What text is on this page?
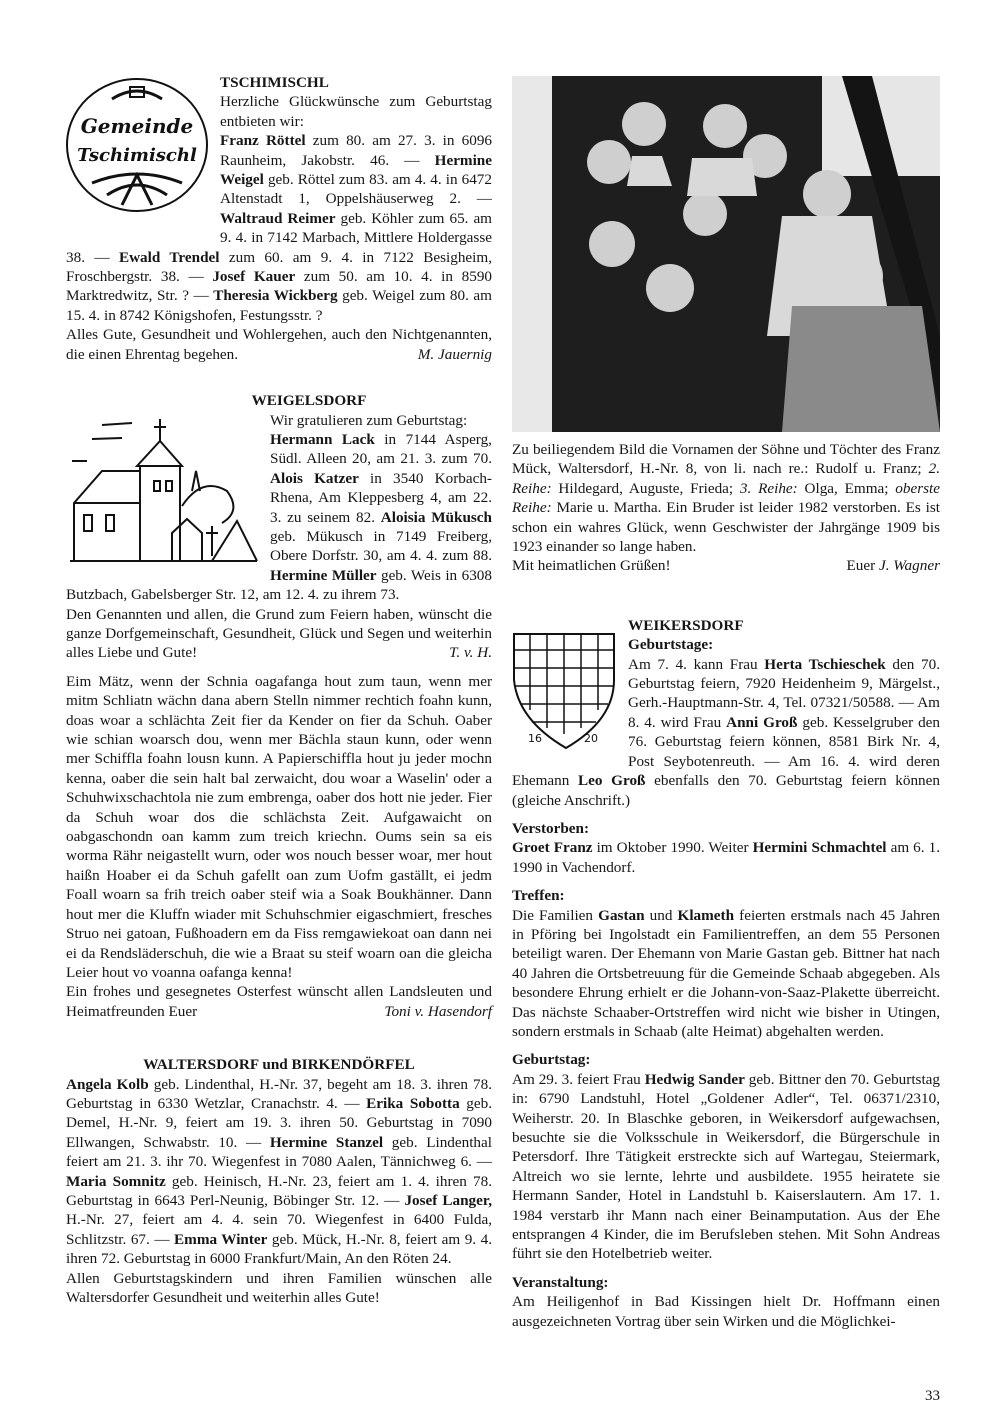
Gemeinde
Tschimischl

TSCHIMISCHL

Herzliche Glückwünsche zum Geburtstag entbieten wir:

Franz Röttel zum 80. am 27. 3. in 6096 Raunheim, Jakobstr. 46. — Hermine Weigel geb. Röttel zum 83. am 4. 4. in 6472 Altenstadt 1, Oppelshäuserweg 2. — Waltraud Reimer geb. Köhler zum 65. am 9. 4. in 7142 Marbach, Mittlere Holdergasse 38. — Ewald Trendel zum 60. am 9. 4. in 7122 Besigheim, Froschbergstr. 38. — Josef Kauer zum 50. am 10. 4. in 8590 Marktredwitz, Str. ? — Theresia Wickberg geb. Weigel zum 80. am 15. 4. in 8742 Königshofen, Festungsstr. ?

Alles Gute, Gesundheit und Wohlergehen, auch den Nichtgenannten, die einen Ehrentag begehen.	M. Jauernig

WEIGELSDORF

Wir gratulieren zum Geburtstag:

Hermann Lack in 7144 Asperg, Südl. Alleen 20, am 21. 3. zum 70. Alois Katzer in 3540 Korbach-Rhena, Am Kleppesberg 4, am 22. 3. zu seinem 82. Aloisia Mükusch geb. Mükusch in 7149 Freiberg, Obere Dorfstr. 30, am 4. 4. zum 88. Hermine Müller geb. Weis in 6308 Butzbach, Gabelsberger Str. 12, am 12. 4. zu ihrem 73.

Den Genannten und allen, die Grund zum Feiern haben, wünscht die ganze Dorfgemeinschaft, Gesundheit, Glück und Segen und weiterhin alles Liebe und Gute!	T. v. H.

Eim Mätz, wenn der Schnia oagafanga hout zum taun, wenn mer mitm Schliatn wächn dana abern Stelln nimmer rechtich foahn kunn, doas woar a schlächta Zeit fier da Kender on fier da Schuh. Oaber wie schian woarsch dou, wenn mer Bächla staun kunn, oder wenn mer Schiffla foahn lousn kunn. A Papierschiffla hout ju jeder mochn kenna, oaber die sein halt bal zerwaicht, dou woar a Waselin' oder a Schuhwixschachtola nie zum embrenga, oaber dos hott nie jeder. Fier da Schuh woar dos die schlächsta Zeit. Aufgawaicht on oabgaschondn oan kamm zum treich kriechn. Oums sein sa eis worma Rähr neigastellt wurn, oder wos nouch besser woar, mer hout haißn Hoaber ei da Schuh gafellt oan zum Uofm gaställt, ei jedm Foall woarn sa frih treich oaber steif wia a Soak Boukhänner. Dann hout mer die Kluffn wiader mit Schuhschmier eigaschmiert, fresches Struo nei gatoan, Fußhoadern em da Fiss remgawiekoat oan dann nei ei da Rendsläderschuh, die wie a Braat su steif woarn oan die gleicha Leier hout vo voanna oafanga kenna!

Ein frohes und gesegnetes Osterfest wünscht allen Landsleuten und Heimatfreunden Euer	Toni v. Hasendorf

WALTERSDORF und BIRKENDÖRFEL

Angela Kolb geb. Lindenthal, H.-Nr. 37, begeht am 18. 3. ihren 78. Geburtstag in 6330 Wetzlar, Cranachstr. 4. — Erika Sobotta geb. Demel, H.-Nr. 9, feiert am 19. 3. ihren 50. Geburtstag in 7090 Ellwangen, Schwabstr. 10. — Hermine Stanzel geb. Lindenthal feiert am 21. 3. ihr 70. Wiegenfest in 7080 Aalen, Tännichweg 6. — Maria Somnitz geb. Heinisch, H.-Nr. 23, feiert am 1. 4. ihren 78. Geburtstag in 6643 Perl-Neunig, Böbinger Str. 12. — Josef Langer, H.-Nr. 27, feiert am 4. 4. sein 70. Wiegenfest in 6400 Fulda, Schlitzstr. 67. — Emma Winter geb. Mück, H.-Nr. 8, feiert am 9. 4. ihren 72. Geburtstag in 6000 Frankfurt/Main, An den Röten 24.

Allen Geburtstagskindern und ihren Familien wünschen alle Waltersdorfer Gesundheit und weiterhin alles Gute!

Zu beiliegendem Bild die Vornamen der Söhne und Töchter des Franz Mück, Waltersdorf, H.-Nr. 8, von li. nach re.: Rudolf u. Franz; 2. Reihe: Hildegard, Auguste, Frieda; 3. Reihe: Olga, Emma; oberste Reihe: Marie u. Martha. Ein Bruder ist leider 1982 verstorben. Es ist schon ein wahres Glück, wenn Geschwister der Jahrgänge 1909 bis 1923 einander so lange haben.

Mit heimatlichen Grüßen!	Euer J. Wagner
16	20

WEIKERSDORF

Geburtstage:

Am 7. 4. kann Frau Herta Tschieschek den 70. Geburtstag feiern, 7920 Heidenheim 9, Märgelst., Gerh.-Hauptmann-Str. 4, Tel. 07321/50588. — Am 8. 4. wird Frau Anni Groß geb. Kesselgruber den 76. Geburtstag feiern können, 8581 Birk Nr. 4, Post Seybotenreuth. — Am 16. 4. wird deren Ehemann Leo Groß ebenfalls den 70. Geburtstag feiern können (gleiche Anschrift.)

Verstorben:

Groet Franz im Oktober 1990. Weiter Hermini Schmachtel am 6. 1. 1990 in Vachendorf.

Treffen:

Die Familien Gastan und Klameth feierten erstmals nach 45 Jahren in Pföring bei Ingolstadt ein Familientreffen, an dem 55 Personen beteiligt waren. Der Ehemann von Marie Gastan geb. Bittner hat nach 40 Jahren die Ortsbetreuung für die Gemeinde Schaab abgegeben. Als besondere Ehrung erhielt er die Johann-von-Saaz-Plakette überreicht. Das nächste Schaaber-Ortstreffen wird nicht wie bisher in Utingen, sondern erstmals in Schaab (alte Heimat) abgehalten werden.

Geburtstag:

Am 29. 3. feiert Frau Hedwig Sander geb. Bittner den 70. Geburtstag in: 6790 Landstuhl, Hotel „Goldener Adler“, Tel. 06371/2310, Weiherstr. 20. In Blaschke geboren, in Weikersdorf aufgewachsen, besuchte sie die Volksschule in Weikersdorf, die Bürgerschule in Petersdorf. Ihre Tätigkeit erstreckte sich auf Wartegau, Steiermark, Altreich wo sie lernte, lehrte und ausbildete. 1955 heiratete sie Hermann Sander, Hotel in Landstuhl b. Kaiserslautern. Am 17. 1. 1984 verstarb ihr Mann nach einer Beinamputation. Aus der Ehe entsprangen 4 Kinder, die im Berufsleben stehen. Mit Sohn Andreas führt sie den Hotelbetrieb weiter.

Veranstaltung:

Am Heiligenhof in Bad Kissingen hielt Dr. Hoffmann einen ausgezeichneten Vortrag über sein Wirken und die Möglichkei-

33
